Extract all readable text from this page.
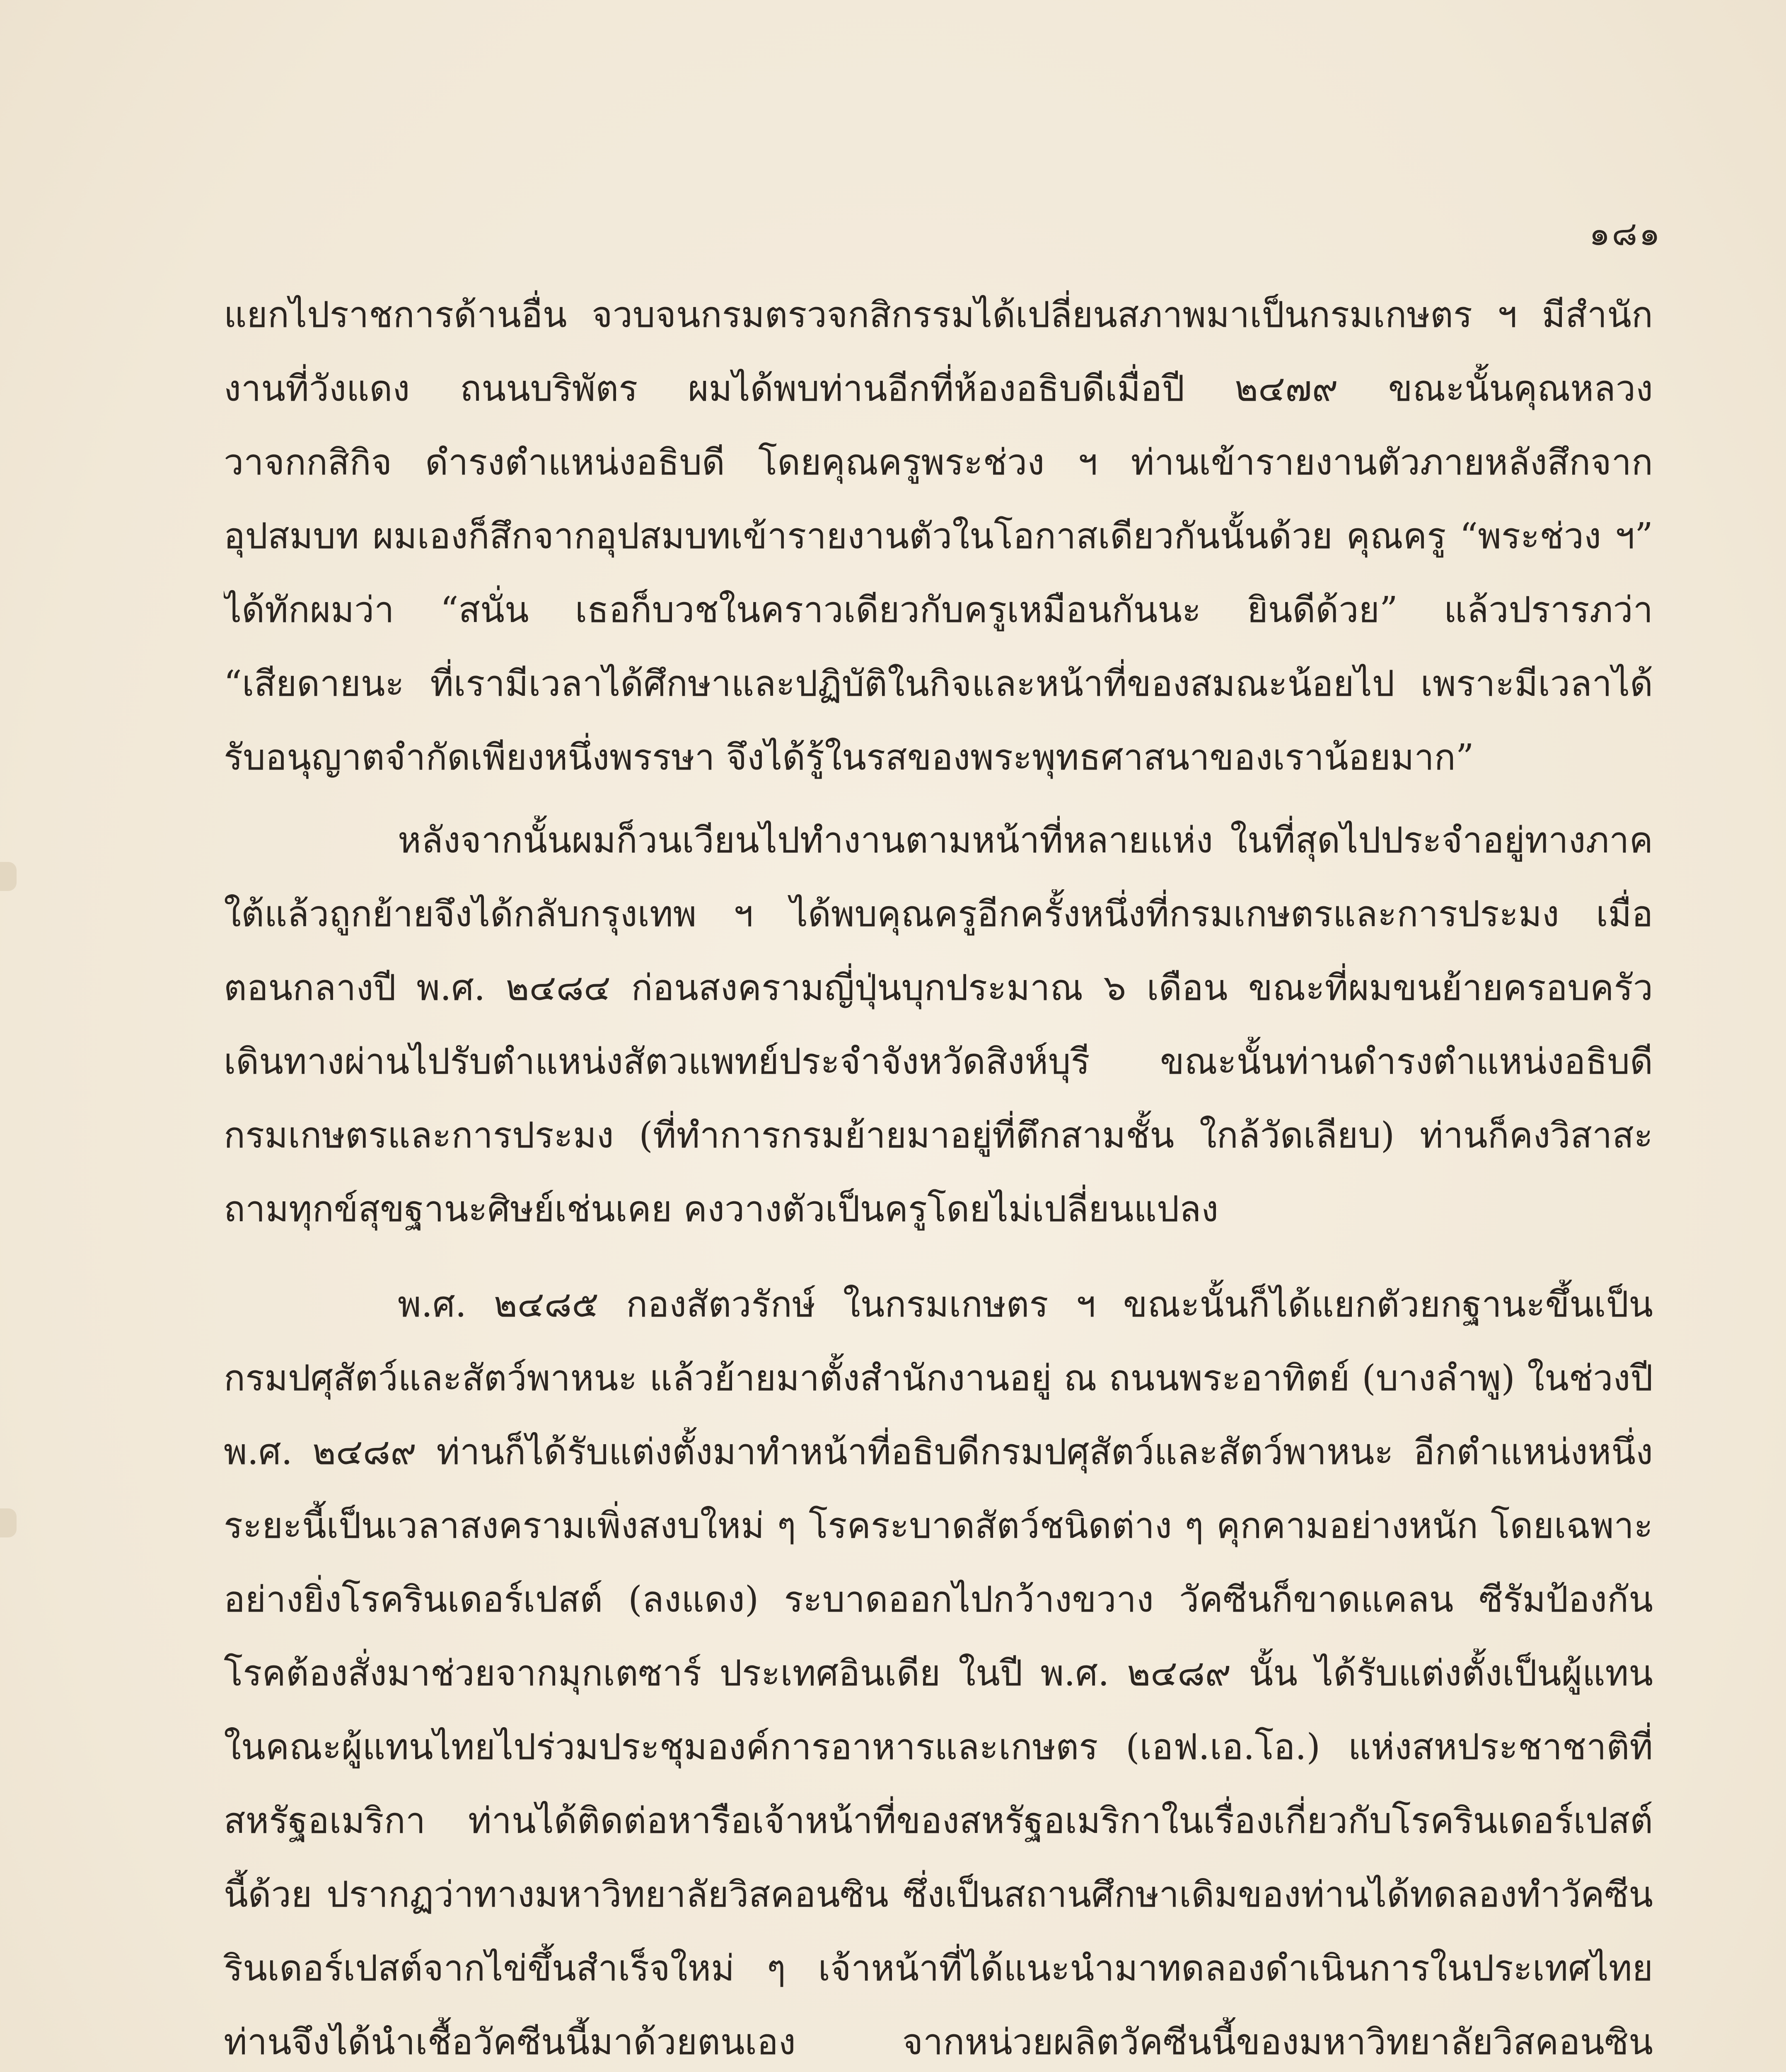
๑๘๑
แยกไปราชการด้านอื่น จวบจนกรมตรวจกสิกรรมได้เปลี่ยนสภาพมาเป็นกรมเกษตร ฯ มีสำนัก
งานที่วังแดง ถนนบริพัตร ผมได้พบท่านอีกที่ห้องอธิบดีเมื่อปี ๒๔๗๙ ขณะนั้นคุณหลวง
วาจกกสิกิจ ดำรงตำแหน่งอธิบดี โดยคุณครูพระช่วง ฯ ท่านเข้ารายงานตัวภายหลังสึกจาก
อุปสมบท ผมเองก็สึกจากอุปสมบทเข้ารายงานตัวในโอกาสเดียวกันนั้นด้วย คุณครู “พระช่วง ฯ”
ได้ทักผมว่า “สนั่น เธอก็บวชในคราวเดียวกับครูเหมือนกันนะ ยินดีด้วย” แล้วปรารภว่า
“เสียดายนะ ที่เรามีเวลาได้ศึกษาและปฏิบัติในกิจและหน้าที่ของสมณะน้อยไป เพราะมีเวลาได้
รับอนุญาตจำกัดเพียงหนึ่งพรรษา จึงได้รู้ในรสของพระพุทธศาสนาของเราน้อยมาก”
หลังจากนั้นผมก็วนเวียนไปทำงานตามหน้าที่หลายแห่ง ในที่สุดไปประจำอยู่ทางภาค
ใต้แล้วถูกย้ายจึงได้กลับกรุงเทพ ฯ ได้พบคุณครูอีกครั้งหนึ่งที่กรมเกษตรและการประมง เมื่อ
ตอนกลางปี พ.ศ. ๒๔๘๔ ก่อนสงครามญี่ปุ่นบุกประมาณ ๖ เดือน ขณะที่ผมขนย้ายครอบครัว
เดินทางผ่านไปรับตำแหน่งสัตวแพทย์ประจำจังหวัดสิงห์บุรี ขณะนั้นท่านดำรงตำแหน่งอธิบดี
กรมเกษตรและการประมง (ที่ทำการกรมย้ายมาอยู่ที่ตึกสามชั้น ใกล้วัดเลียบ) ท่านก็คงวิสาสะ
ถามทุกข์สุขฐานะศิษย์เช่นเคย คงวางตัวเป็นครูโดยไม่เปลี่ยนแปลง
พ.ศ. ๒๔๘๕ กองสัตวรักษ์ ในกรมเกษตร ฯ ขณะนั้นก็ได้แยกตัวยกฐานะขึ้นเป็น
กรมปศุสัตว์และสัตว์พาหนะ แล้วย้ายมาตั้งสำนักงานอยู่ ณ ถนนพระอาทิตย์ (บางลำพู) ในช่วงปี
พ.ศ. ๒๔๘๙ ท่านก็ได้รับแต่งตั้งมาทำหน้าที่อธิบดีกรมปศุสัตว์และสัตว์พาหนะ อีกตำแหน่งหนึ่ง
ระยะนี้เป็นเวลาสงครามเพิ่งสงบใหม่ ๆ โรคระบาดสัตว์ชนิดต่าง ๆ คุกคามอย่างหนัก โดยเฉพาะ
อย่างยิ่งโรครินเดอร์เปสต์ (ลงแดง) ระบาดออกไปกว้างขวาง วัคซีนก็ขาดแคลน ซีรัมป้องกัน
โรคต้องสั่งมาช่วยจากมุกเตซาร์ ประเทศอินเดีย ในปี พ.ศ. ๒๔๘๙ นั้น ได้รับแต่งตั้งเป็นผู้แทน
ในคณะผู้แทนไทยไปร่วมประชุมองค์การอาหารและเกษตร (เอฟ.เอ.โอ.) แห่งสหประชาชาติที่
สหรัฐอเมริกา ท่านได้ติดต่อหารือเจ้าหน้าที่ของสหรัฐอเมริกาในเรื่องเกี่ยวกับโรครินเดอร์เปสต์
นี้ด้วย ปรากฏว่าทางมหาวิทยาลัยวิสคอนซิน ซึ่งเป็นสถานศึกษาเดิมของท่านได้ทดลองทำวัคซีน
รินเดอร์เปสต์จากไข่ขึ้นสำเร็จใหม่ ๆ เจ้าหน้าที่ได้แนะนำมาทดลองดำเนินการในประเทศไทย
ท่านจึงได้นำเชื้อวัคซีนนี้มาด้วยตนเอง จากหน่วยผลิตวัคซีนนี้ของมหาวิทยาลัยวิสคอนซิน
